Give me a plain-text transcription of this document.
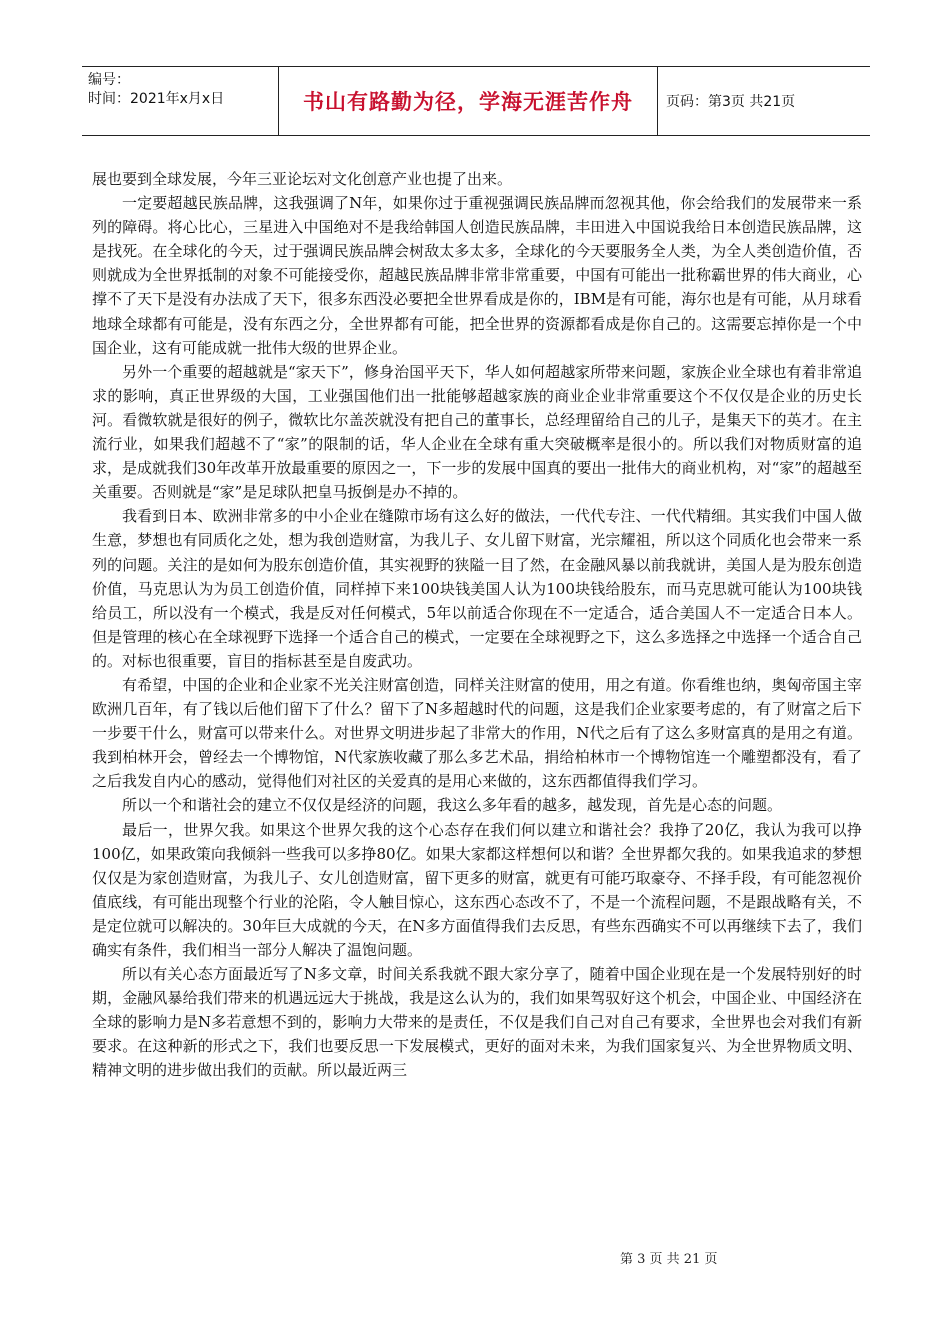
编号：
时间：2021年x月x日	书山有路勤为径，学海无涯苦作舟 页码：第3页 共21页

展也要到全球发展，今年三亚论坛对文化创意产业也提了出来。

一定要超越民族品牌，这我强调了N年，如果你过于重视强调民族品牌而忽视其他，你会给我们的发展带来一系列的障碍。将心比心，三星进入中国绝对不是我给韩国人创造民族品牌，丰田进入中国说我给日本创造民族品牌，这是找死。在全球化的今天，过于强调民族品牌会树敌太多太多，全球化的今天要服务全人类，为全人类创造价值，否则就成为全世界抵制的对象不可能接受你，超越民族品牌非常非常重要，中国有可能出一批称霸世界的伟大商业，心撑不了天下是没有办法成了天下，很多东西没必要把全世界看成是你的，IBM是有可能，海尔也是有可能，从月球看地球全球都有可能是，没有东西之分，全世界都有可能，把全世界的资源都看成是你自己的。这需要忘掉你是一个中国企业，这有可能成就一批伟大级的世界企业。

另外一个重要的超越就是“家天下”，修身治国平天下，华人如何超越家所带来问题，家族企业全球也有着非常追求的影响，真正世界级的大国，工业强国他们出一批能够超越家族的商业企业非常重要这个不仅仅是企业的历史长河。看微软就是很好的例子，微软比尔盖茨就没有把自己的董事长，总经理留给自己的儿子，是集天下的英才。在主流行业，如果我们超越不了“家”的限制的话，华人企业在全球有重大突破概率是很小的。所以我们对物质财富的追求，是成就我们30年改革开放最重要的原因之一，下一步的发展中国真的要出一批伟大的商业机构，对“家”的超越至关重要。否则就是“家”是足球队把皇马扳倒是办不掉的。

我看到日本、欧洲非常多的中小企业在缝隙市场有这么好的做法，一代代专注、一代代精细。其实我们中国人做生意，梦想也有同质化之处，想为我创造财富，为我儿子、女儿留下财富，光宗耀祖，所以这个同质化也会带来一系列的问题。关注的是如何为股东创造价值，其实视野的狭隘一目了然，在金融风暴以前我就讲，美国人是为股东创造价值，马克思认为为员工创造价值，同样掉下来100块钱美国人认为100块钱给股东，而马克思就可能认为100块钱给员工，所以没有一个模式，我是反对任何模式，5年以前适合你现在不一定适合，适合美国人不一定适合日本人。但是管理的核心在全球视野下选择一个适合自己的模式，一定要在全球视野之下，这么多选择之中选择一个适合自己的。对标也很重要，盲目的指标甚至是自废武功。

有希望，中国的企业和企业家不光关注财富创造，同样关注财富的使用，用之有道。你看维也纳，奥匈帝国主宰欧洲几百年，有了钱以后他们留下了什么？留下了N多超越时代的问题，这是我们企业家要考虑的，有了财富之后下一步要干什么，财富可以带来什么。对世界文明进步起了非常大的作用，N代之后有了这么多财富真的是用之有道。我到柏林开会，曾经去一个博物馆，N代家族收藏了那么多艺术品，捐给柏林市一个博物馆连一个雕塑都没有，看了之后我发自内心的感动，觉得他们对社区的关爱真的是用心来做的，这东西都值得我们学习。

所以一个和谐社会的建立不仅仅是经济的问题，我这么多年看的越多，越发现，首先是心态的问题。

最后一，世界欠我。如果这个世界欠我的这个心态存在我们何以建立和谐社会？我挣了20亿，我认为我可以挣100亿，如果政策向我倾斜一些我可以多挣80亿。如果大家都这样想何以和谐？全世界都欠我的。如果我追求的梦想仅仅是为家创造财富，为我儿子、女儿创造财富，留下更多的财富，就更有可能巧取豪夺、不择手段，有可能忽视价值底线，有可能出现整个行业的沦陷，令人触目惊心，这东西心态改不了，不是一个流程问题，不是跟战略有关，不是定位就可以解决的。30年巨大成就的今天，在N多方面值得我们去反思，有些东西确实不可以再继续下去了，我们确实有条件，我们相当一部分人解决了温饱问题。

所以有关心态方面最近写了N多文章，时间关系我就不跟大家分享了，随着中国企业现在是一个发展特别好的时期，金融风暴给我们带来的机遇远远大于挑战，我是这么认为的，我们如果驾驭好这个机会，中国企业、中国经济在全球的影响力是N多若意想不到的，影响力大带来的是责任，不仅是我们自己对自己有要求，全世界也会对我们有新要求。在这种新的形式之下，我们也要反思一下发展模式，更好的面对未来，为我们国家复兴、为全世界物质文明、精神文明的进步做出我们的贡献。所以最近两三

第 3 页 共 21 页
